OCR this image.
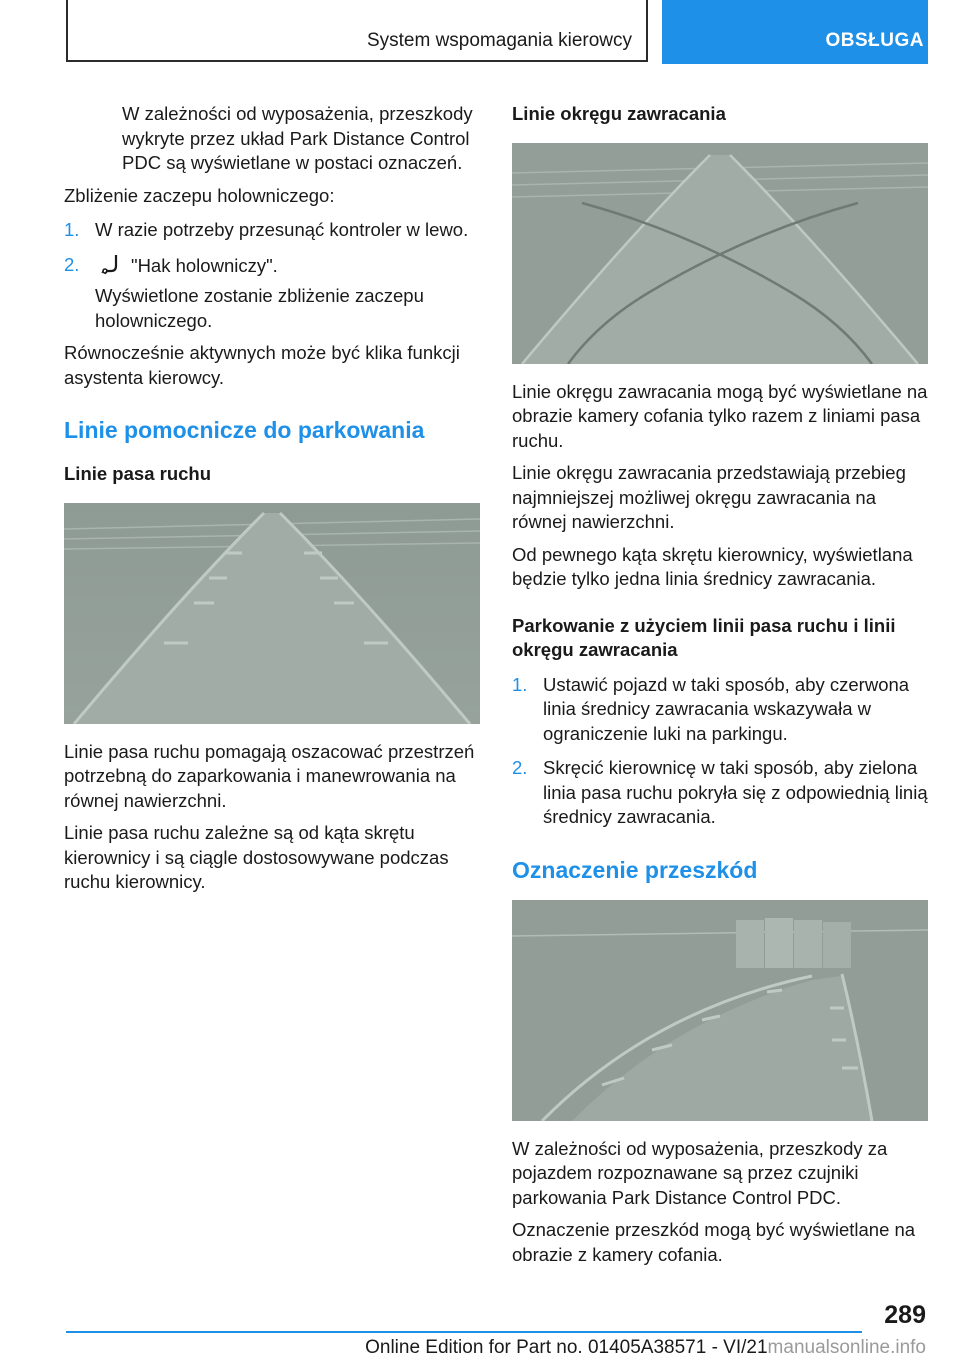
System wspomagania kierowcy	OBSŁUGA

W zależności od wyposażenia, przeszkody wykryte przez układ Park Distance Control PDC są wyświetlane w postaci oznaczeń.

Zbliżenie zaczepu holowniczego:

1. W razie potrzeby przesunąć kontroler w lewo.
2.	"Hak holowniczy".

Wyświetlone zostanie zbliżenie zaczepu holowniczego.

Równocześnie aktywnych może być klika funkcji asystenta kierowcy.

Linie pomocnicze do parkowania

Linie pasa ruchu

Linie pasa ruchu pomagają oszacować przestrzeń potrzebną do zaparkowania i manewrowania na równej nawierzchni.

Linie pasa ruchu zależne są od kąta skrętu kierownicy i są ciągle dostosowywane podczas ruchu kierownicy.

Linie okręgu zawracania

Linie okręgu zawracania mogą być wyświetlane na obrazie kamery cofania tylko razem z liniami pasa ruchu.

Linie okręgu zawracania przedstawiają przebieg najmniejszej możliwej okręgu zawracania na równej nawierzchni.

Od pewnego kąta skrętu kierownicy, wyświetlana będzie tylko jedna linia średnicy zawracania.

Parkowanie z użyciem linii pasa ruchu i linii okręgu zawracania

1. Ustawić pojazd w taki sposób, aby czerwona linia średnicy zawracania wskazywała w ograniczenie luki na parkingu.
2. Skręcić kierownicę w taki sposób, aby zielona linia pasa ruchu pokryła się z odpowiednią linią średnicy zawracania.

Oznaczenie przeszkód

W zależności od wyposażenia, przeszkody za pojazdem rozpoznawane są przez czujniki parkowania Park Distance Control PDC.

Oznaczenie przeszkód mogą być wyświetlane na obrazie z kamery cofania.

289
Online Edition for Part no. 01405A38571 - VI/21manualsonline.info
